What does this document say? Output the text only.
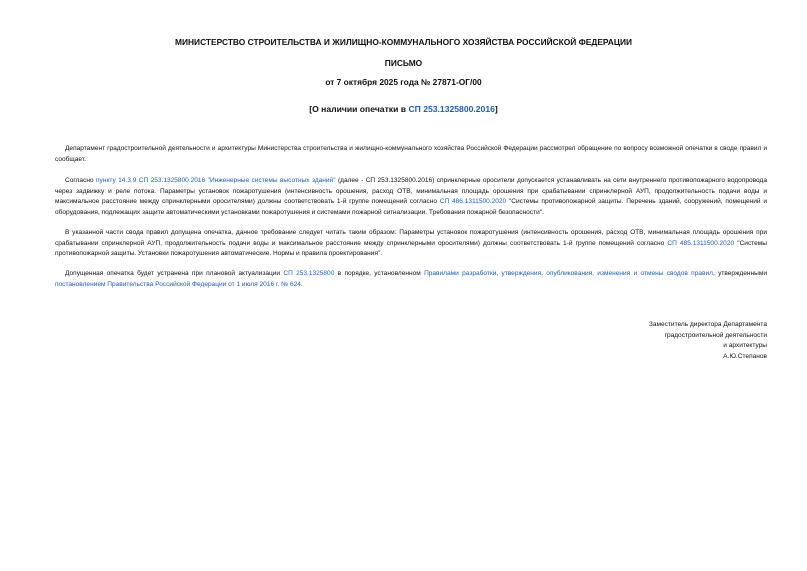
МИНИСТЕРСТВО СТРОИТЕЛЬСТВА И ЖИЛИЩНО-КОММУНАЛЬНОГО ХОЗЯЙСТВА РОССИЙСКОЙ ФЕДЕРАЦИИ
ПИСЬМО
от 7 октября 2025 года № 27871-ОГ/00
[О наличии опечатки в СП 253.1325800.2016]

Департамент градостроительной деятельности и архитектуры Министерства строительства и жилищно-коммунального хозяйства Российской Федерации рассмотрел обращение по вопросу возможной опечатки в своде правил и сообщает.

Согласно пункту 14.3.9 СП 253.1325800.2016 "Инженерные системы высотных зданий" (далее - СП 253.1325800.2016) спринклерные оросители допускается устанавливать на сети внутреннего противопожарного водопровода через задвижку и реле потока. Параметры установок пожаротушения (интенсивность орошения, расход ОТВ, минимальная площадь орошения при срабатывании спринклерной АУП, продолжительность подачи воды и максимальное расстояние между спринклерными оросителями) должны соответствовать 1-й группе помещений согласно СП 486.1311500.2020 "Системы противопожарной защиты. Перечень зданий, сооружений, помещений и оборудования, подлежащих защите автоматическими установками пожаротушения и системами пожарной сигнализации. Требования пожарной безопасности".

В указанной части свода правил допущена опечатка, данное требование следует читать таким образом: Параметры установок пожаротушения (интенсивность орошения, расход ОТВ, минимальная площадь орошения при срабатывании спринклерной АУП, продолжительность подачи воды и максимальное расстояние между спринклерными оросителями) должны соответствовать 1-й группе помещений согласно СП 485.1311500.2020 "Системы противопожарной защиты. Установки пожаротушения автоматические. Нормы и правила проектирования".

Допущенная опечатка будет устранена при плановой актуализации СП 253.1325800 в порядке, установленном Правилами разработки, утверждения, опубликования, изменения и отмены сводов правил, утвержденными постановлением Правительства Российской Федерации от 1 июля 2016 г. № 624.

Заместитель директора Департамента
градостроительной деятельности
и архитектуры
А.Ю.Степанов
